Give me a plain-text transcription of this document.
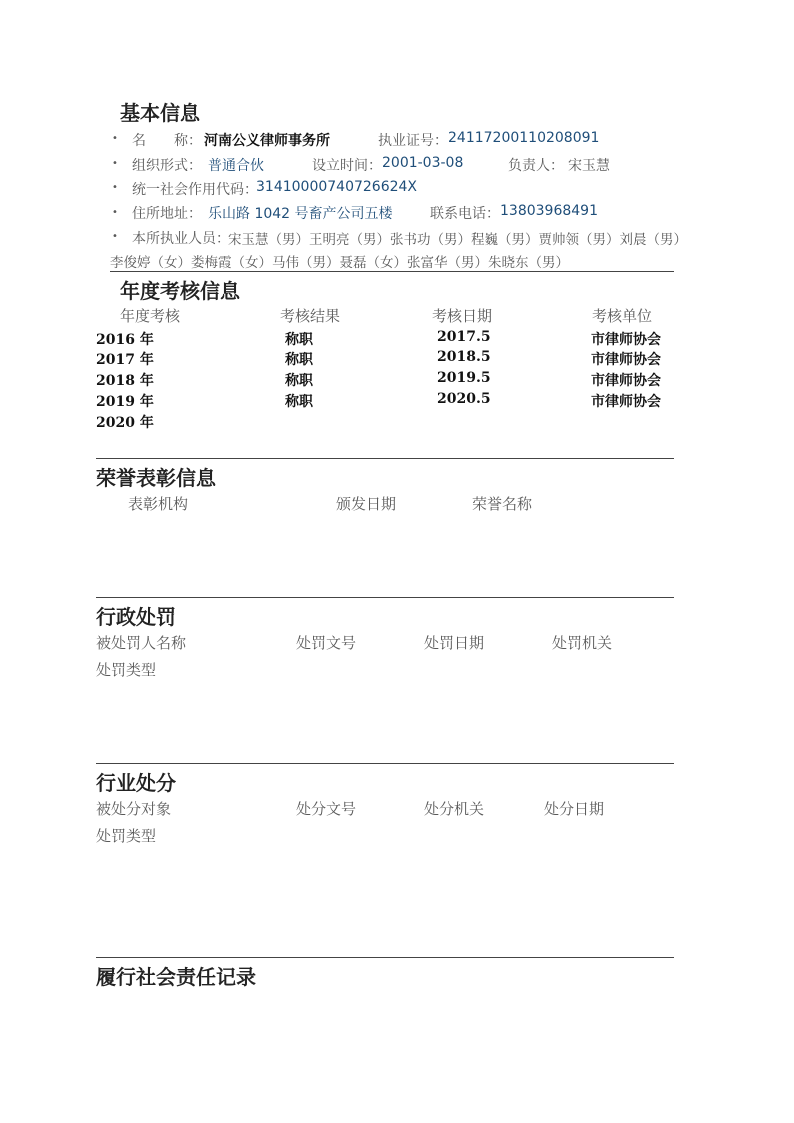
基本信息
• 名　　称： 河南公义律师事务所	执业证号： 24117200110208091
• 组织形式： 普通合伙	设立时间： 2001-03-08	负责人： 宋玉慧
• 统一社会作用代码：
31410000740726624X
• 住所地址： 乐山路 1042 号畜产公司五楼	联系电话： 13803968491
• 本所执业人员：
宋玉慧（男）王明亮（男）张书功（男）程巍（男）贾帅领（男）刘晨（男）
李俊婷（女）娄梅霞（女）马伟（男）聂磊（女）张富华（男）朱晓东（男）
年度考核信息
年度考核	考核结果	考核日期	考核单位
2016 年	称职	2017.5	市律师协会
2017 年	称职	2018.5	市律师协会
2018 年	称职	2019.5	市律师协会
2019 年	称职	2020.5	市律师协会
2020 年
荣誉表彰信息
表彰机构	颁发日期	荣誉名称
行政处罚
被处罚人名称	处罚文号	处罚日期	处罚机关
处罚类型
行业处分
被处分对象	处分文号	处分机关	处分日期
处罚类型
履行社会责任记录
